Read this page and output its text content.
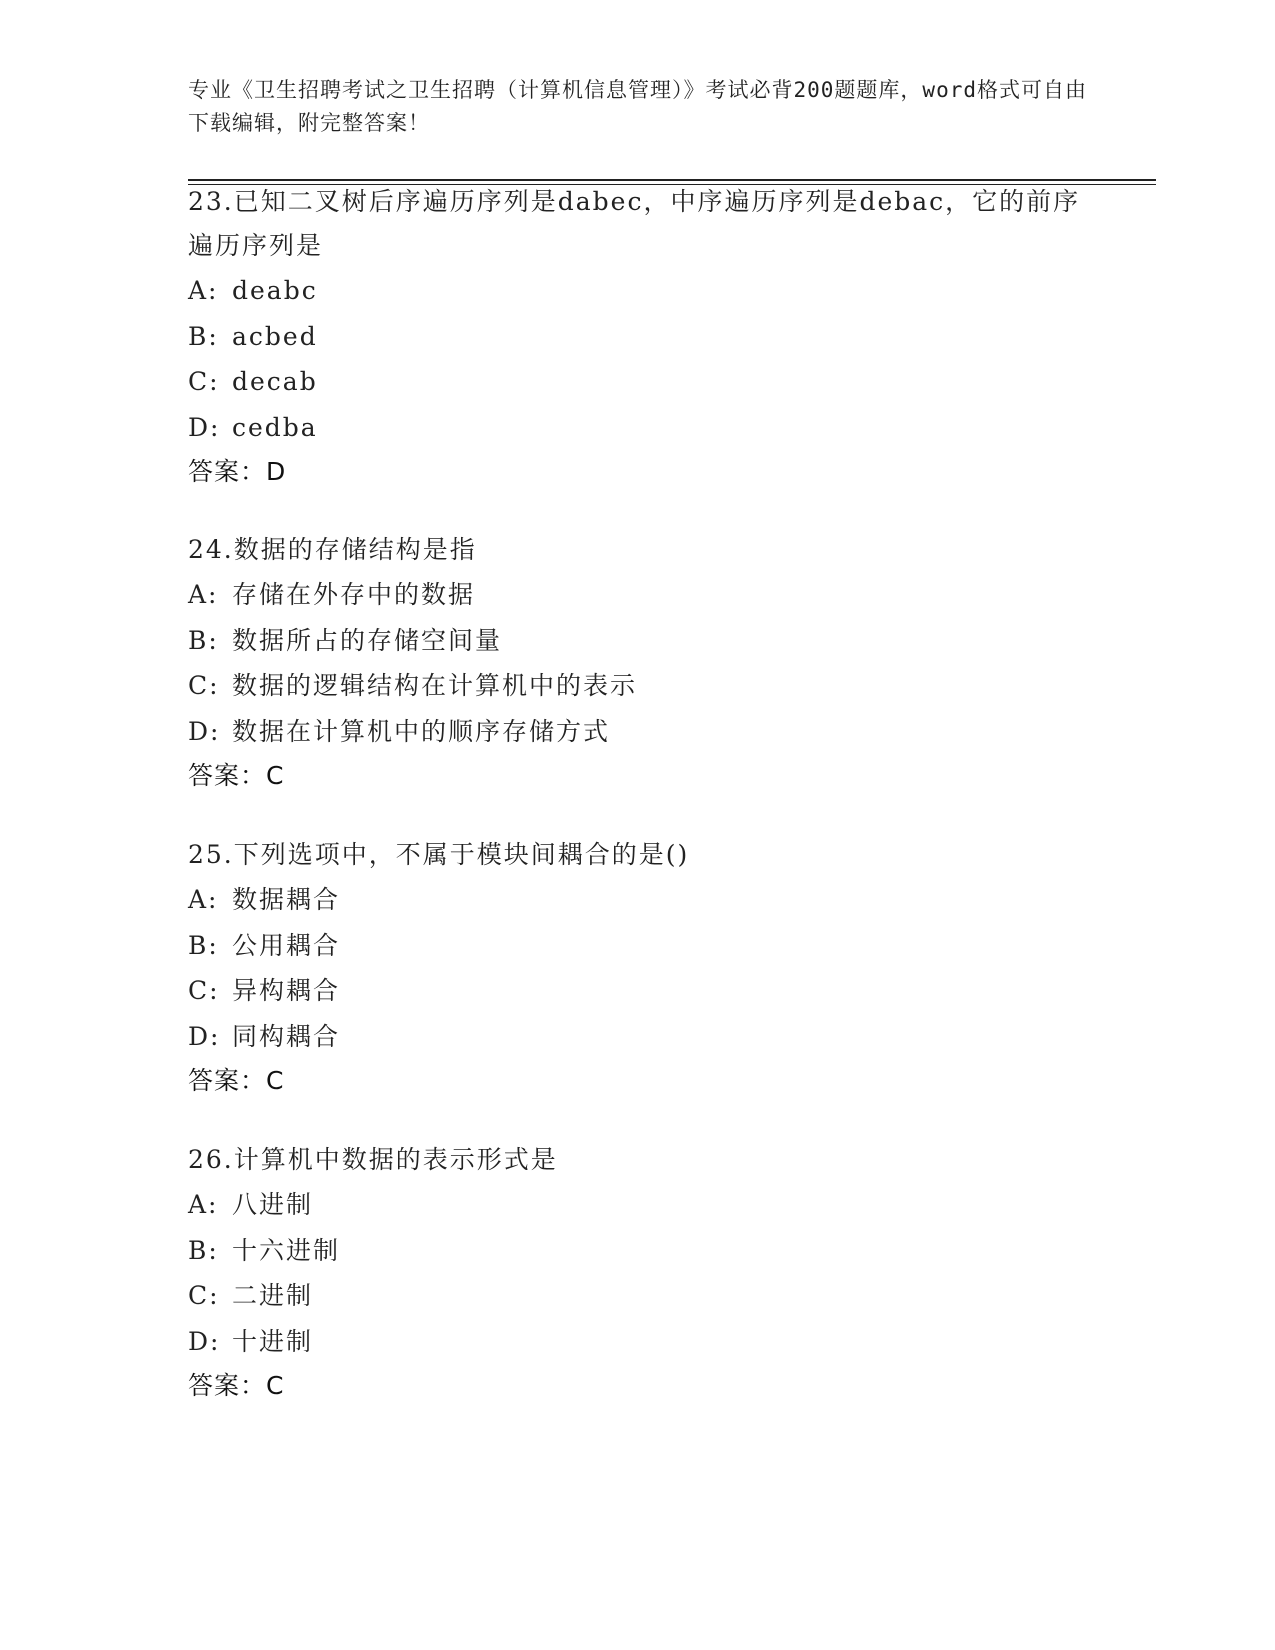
专业《卫生招聘考试之卫生招聘（计算机信息管理）》考试必背200题题库，word格式可自由下载编辑，附完整答案！
23.已知二叉树后序遍历序列是dabec，中序遍历序列是debac，它的前序遍历序列是
A: deabc
B: acbed
C: decab
D: cedba
答案：D
24.数据的存储结构是指
A: 存储在外存中的数据
B: 数据所占的存储空间量
C: 数据的逻辑结构在计算机中的表示
D: 数据在计算机中的顺序存储方式
答案：C
25.下列选项中，不属于模块间耦合的是()
A: 数据耦合
B: 公用耦合
C: 异构耦合
D: 同构耦合
答案：C
26.计算机中数据的表示形式是
A: 八进制
B: 十六进制
C: 二进制
D: 十进制
答案：C
